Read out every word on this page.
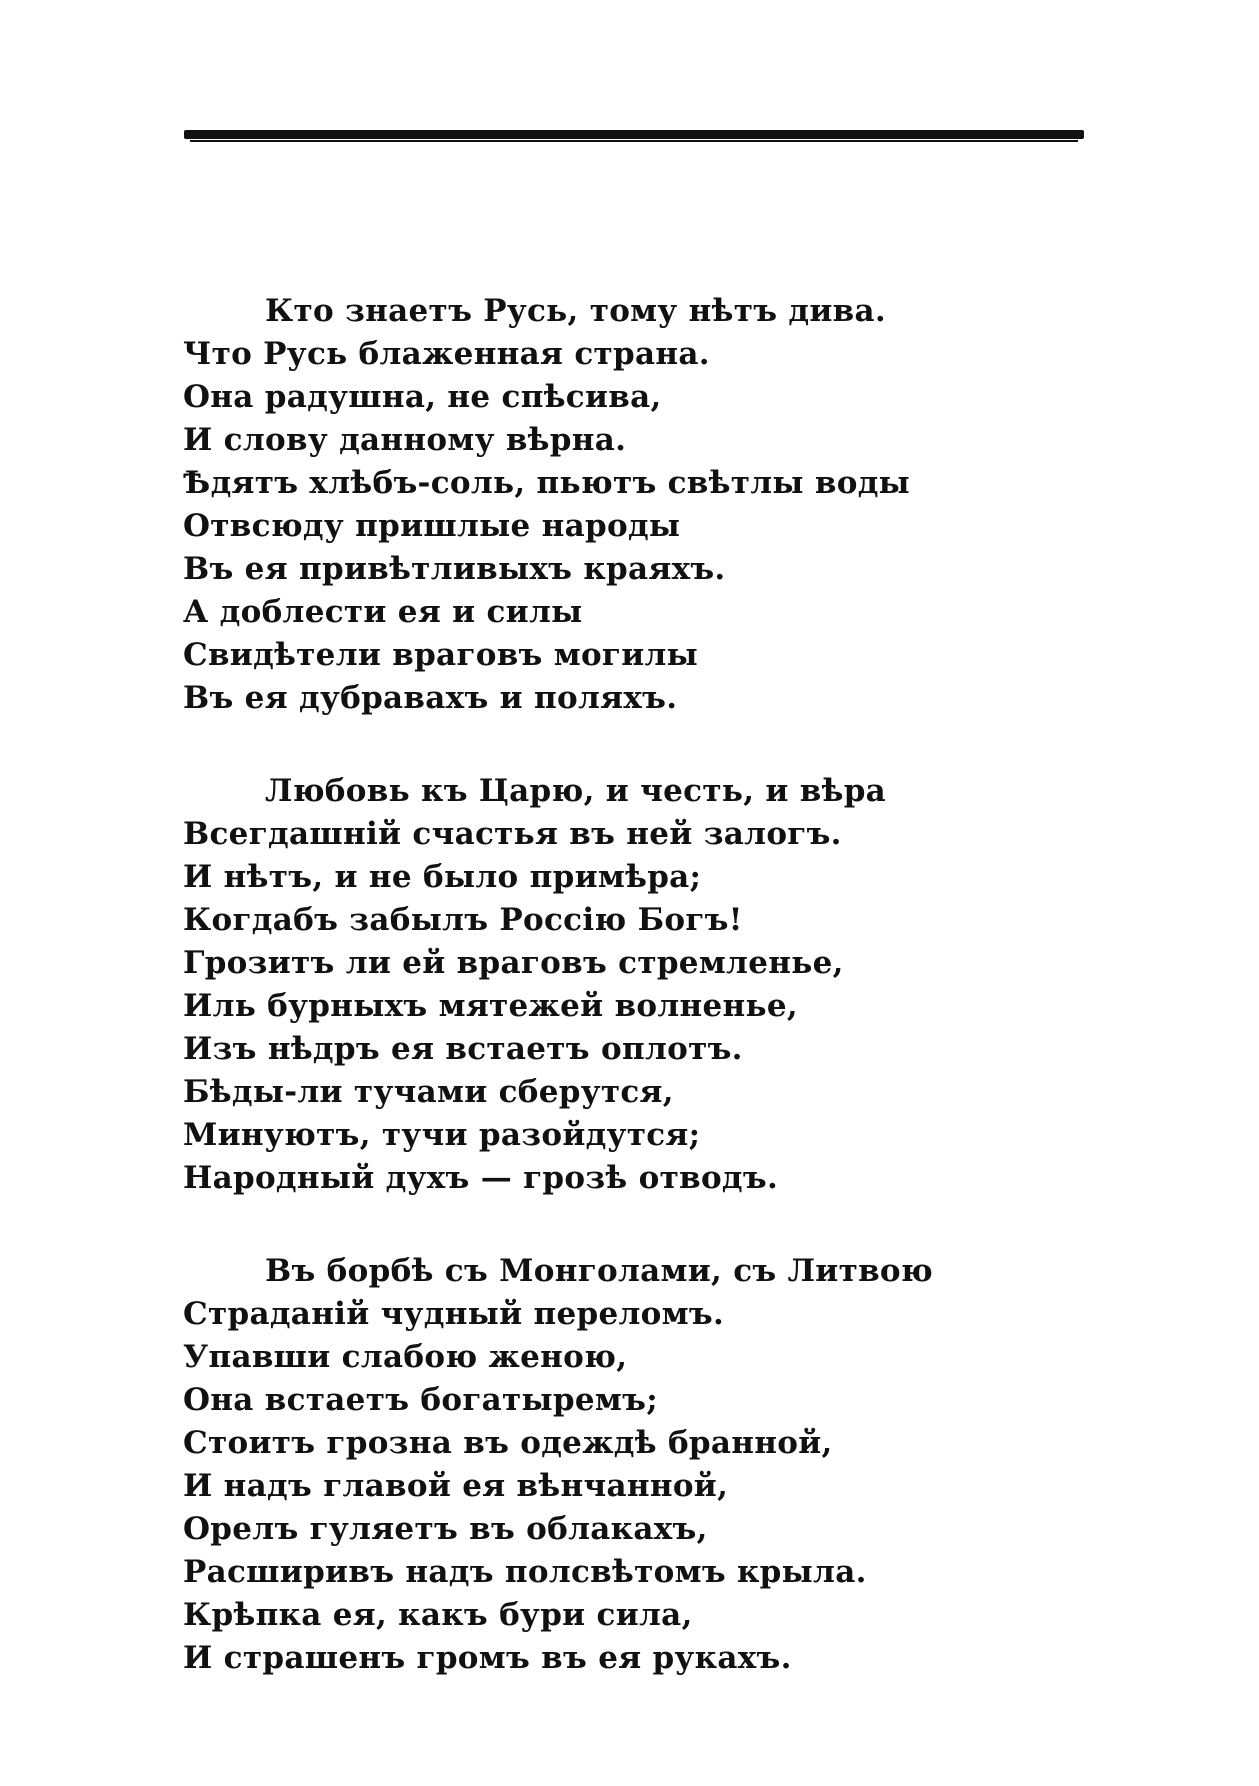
Кто знаетъ Русь, тому нѣтъ дива.
Что Русь блаженная страна.
Она радушна, не спѣсива,
И слову данному вѣрна.
Ѣдятъ хлѣбъ-соль, пьютъ свѣтлы воды
Отвсюду пришлые народы
Въ ея привѣтливыхъ краяхъ.
А доблести ея и силы
Свидѣтели враговъ могилы
Въ ея дубравахъ и поляхъ.
Любовь къ Царю, и честь, и вѣра
Всегдашній счастья въ ней залогъ.
И нѣтъ, и не было примѣра;
Когдабъ забылъ Россію Богъ!
Грозитъ ли ей враговъ стремленье,
Иль бурныхъ мятежей волненье,
Изъ нѣдръ ея встаетъ оплотъ.
Бѣды-ли тучами сберутся,
Минуютъ, тучи разойдутся;
Народный духъ — грозѣ отводъ.
Въ борбѣ съ Монголами, съ Литвою
Страданій чудный переломъ.
Упавши слабою женою,
Она встаетъ богатыремъ;
Стоитъ грозна въ одеждѣ бранной,
И надъ главой ея вѣнчанной,
Орелъ гуляетъ въ облакахъ,
Расширивъ надъ полсвѣтомъ крыла.
Крѣпка ея, какъ бури сила,
И страшенъ громъ въ ея рукахъ.
